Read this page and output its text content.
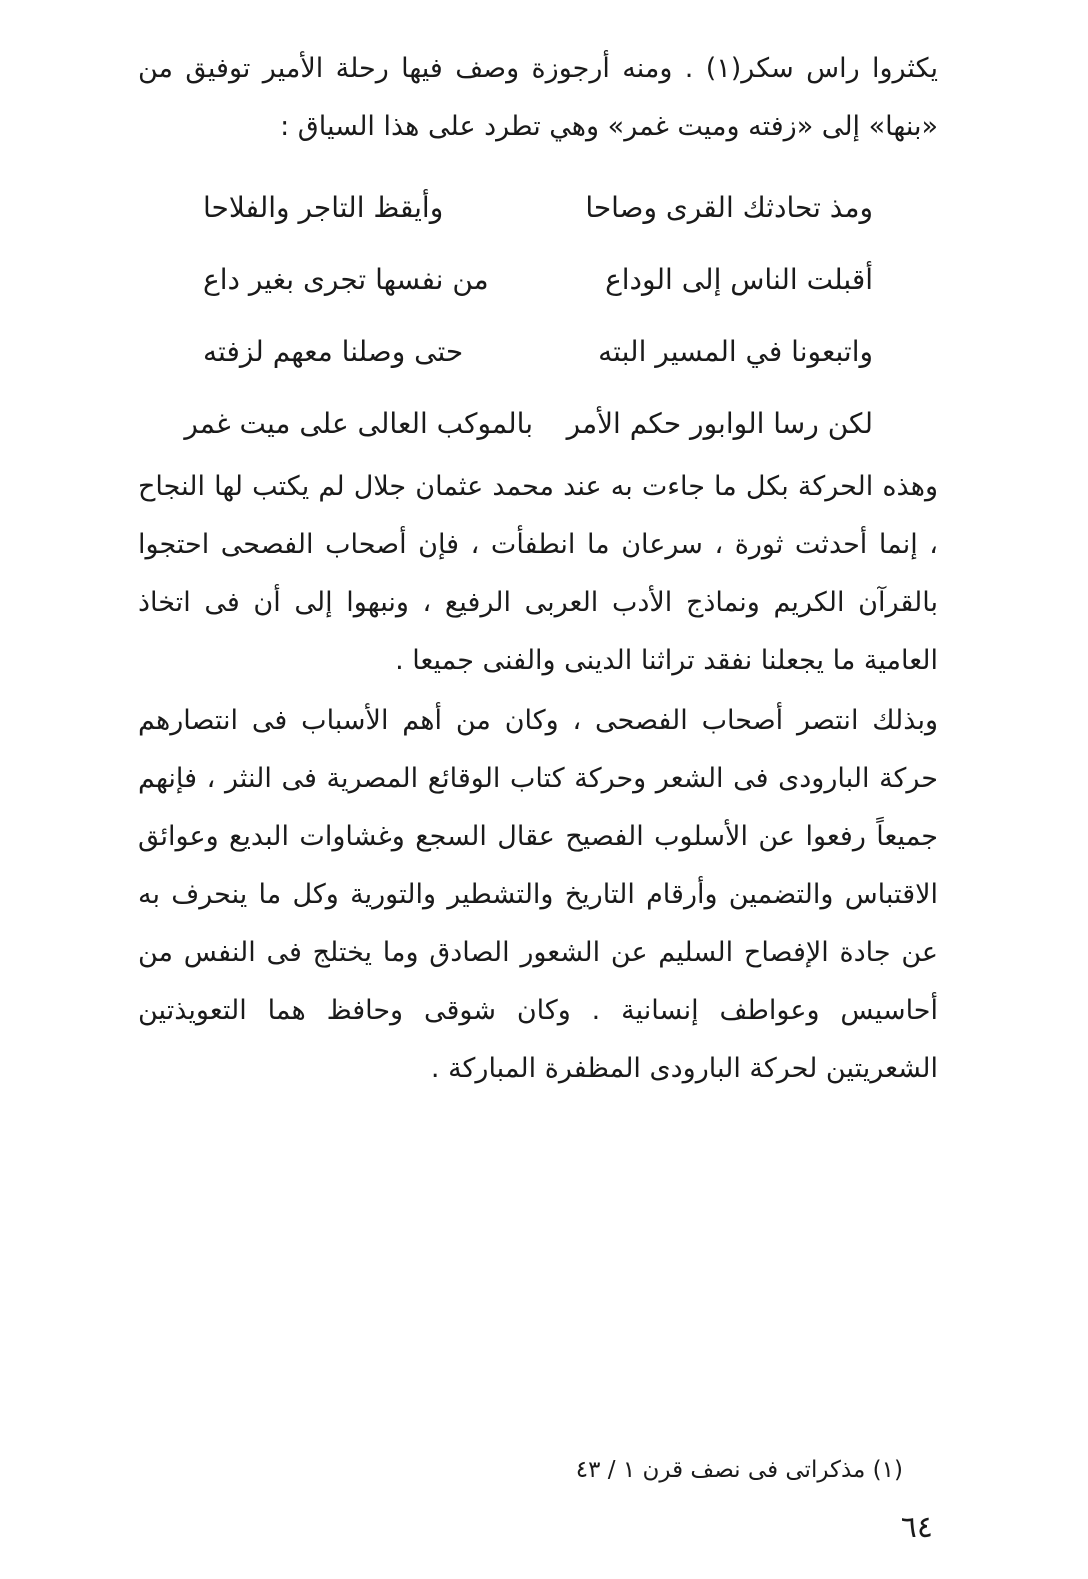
يكثروا راس سكر(١) . ومنه أرجوزة وصف فيها رحلة الأمير توفيق من «بنها» إلى «زفته وميت غمر» وهي تطرد على هذا السياق :

ومذ تحادثك القرى وصاحا
وأيقظ التاجر والفلاحا
أقبلت الناس إلى الوداع
من نفسها تجرى بغير داع
واتبعونا في المسير البته
حتى وصلنا معهم لزفته
لكن رسا الوابور حكم الأمر
بالموكب العالى على ميت غمر

وهذه الحركة بكل ما جاءت به عند محمد عثمان جلال لم يكتب لها النجاح ، إنما أحدثت ثورة ، سرعان ما انطفأت ، فإن أصحاب الفصحى احتجوا بالقرآن الكريم ونماذج الأدب العربى الرفيع ، ونبهوا إلى أن فى اتخاذ العامية ما يجعلنا نفقد تراثنا الدينى والفنى جميعا .

وبذلك انتصر أصحاب الفصحى ، وكان من أهم الأسباب فى انتصارهم حركة البارودى فى الشعر وحركة كتاب الوقائع المصرية فى النثر ، فإنهم جميعاً رفعوا عن الأسلوب الفصيح عقال السجع وغشاوات البديع وعوائق الاقتباس والتضمين وأرقام التاريخ والتشطير والتورية وكل ما ينحرف به عن جادة الإفصاح السليم عن الشعور الصادق وما يختلج فى النفس من أحاسيس وعواطف إنسانية . وكان شوقى وحافظ هما التعويذتين الشعريتين لحركة البارودى المظفرة المباركة .

(١) مذكراتى فى نصف قرن ١ / ٤٣
٦٤
